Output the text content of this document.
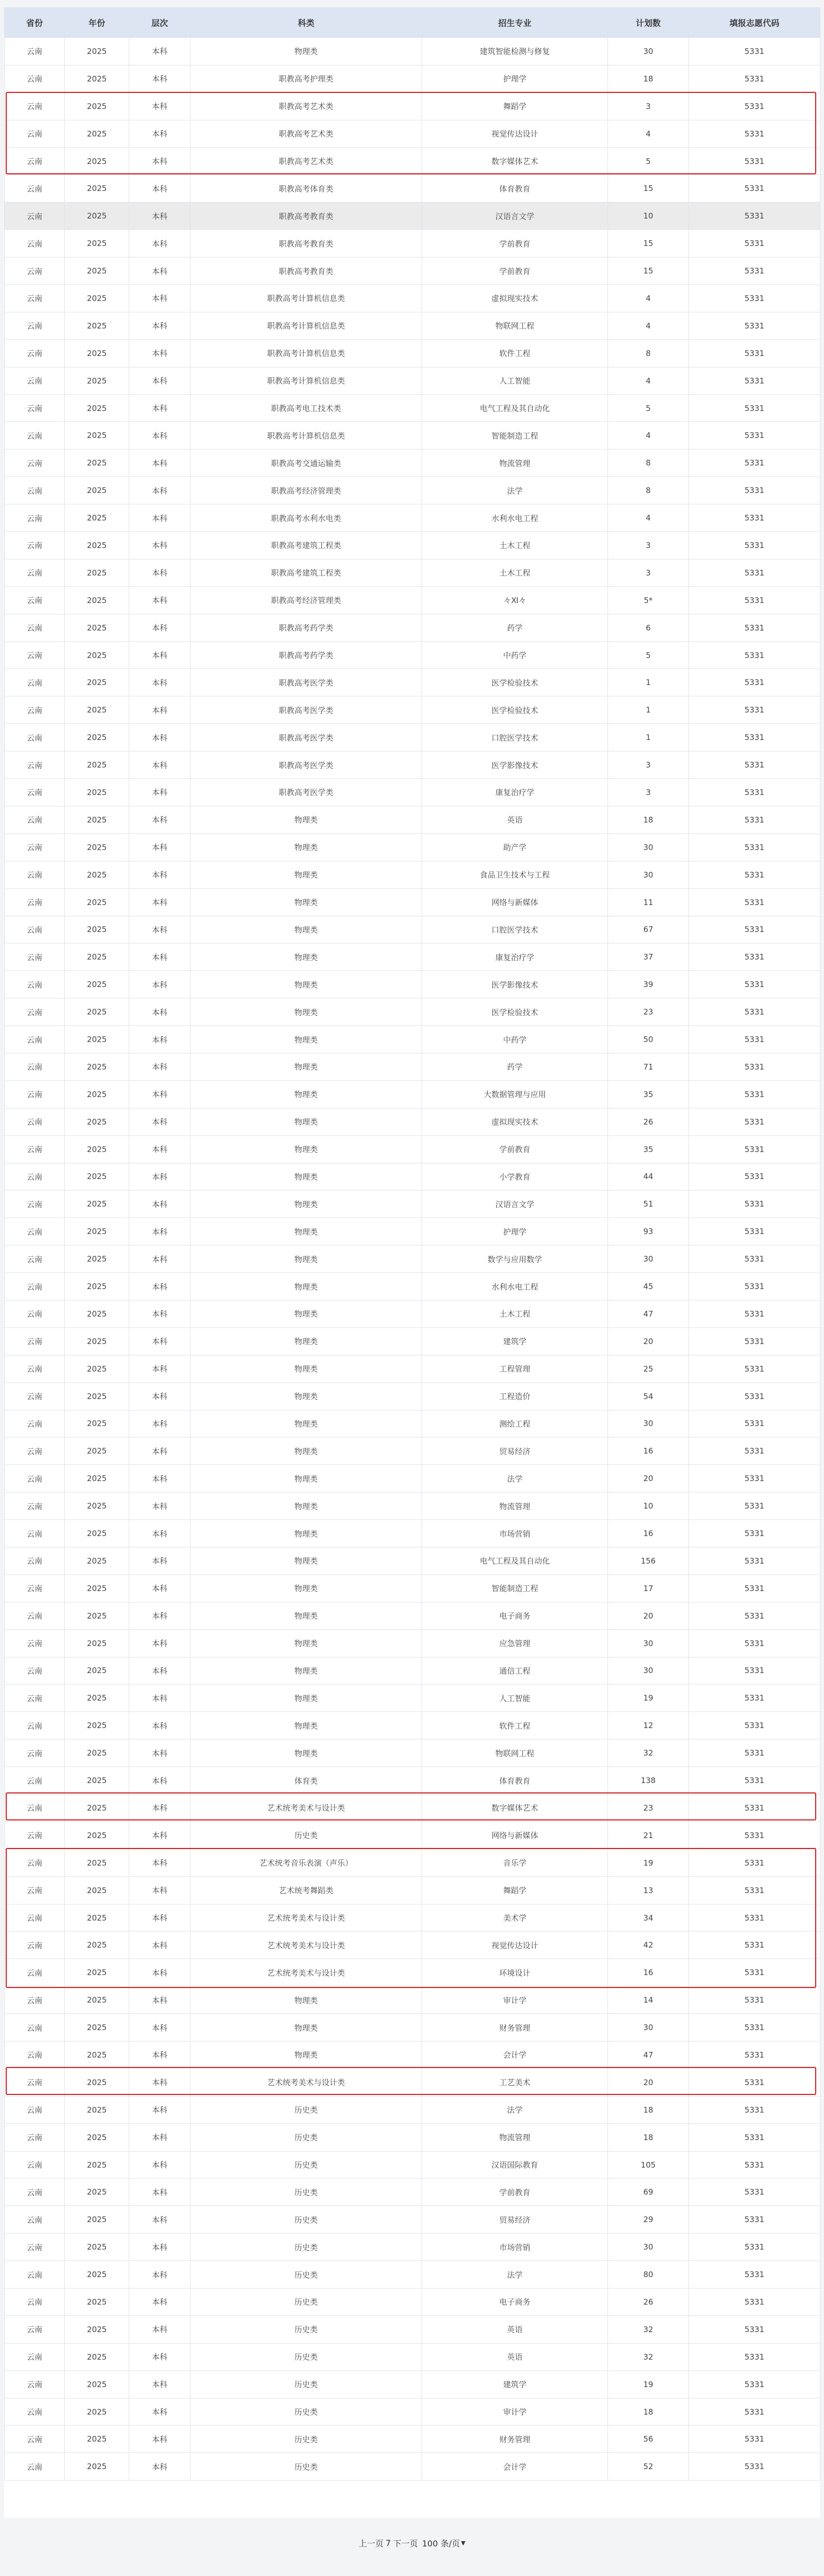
省份	年份	层次	科类	招生专业	计划数	填报志愿代码
云南	2025	本科	物理类	建筑智能检测与修复	30	5331
云南	2025	本科	职教高考护理类	护理学	18	5331
云南	2025	本科	职教高考艺术类	舞蹈学	3	5331
云南	2025	本科	职教高考艺术类	视觉传达设计	4	5331
云南	2025	本科	职教高考艺术类	数字媒体艺术	5	5331
云南	2025	本科	职教高考体育类	体育教育	15	5331
云南	2025	本科	职教高考教育类	汉语言文学	10	5331
云南	2025	本科	职教高考教育类	学前教育	15	5331
云南	2025	本科	职教高考教育类	学前教育	15	5331
云南	2025	本科	职教高考计算机信息类	虚拟现实技术	4	5331
云南	2025	本科	职教高考计算机信息类	物联网工程	4	5331
云南	2025	本科	职教高考计算机信息类	软件工程	8	5331
云南	2025	本科	职教高考计算机信息类	人工智能	4	5331
云南	2025	本科	职教高考电工技术类	电气工程及其自动化	5	5331
云南	2025	本科	职教高考计算机信息类	智能制造工程	4	5331
云南	2025	本科	职教高考交通运输类	物流管理	8	5331
云南	2025	本科	职教高考经济管理类	法学	8	5331
云南	2025	本科	职教高考水利水电类	水利水电工程	4	5331
云南	2025	本科	职教高考建筑工程类	土木工程	3	5331
云南	2025	本科	职教高考建筑工程类	土木工程	3	5331
云南	2025	本科	职教高考经济管理类	々Ⅺ々	5*	5331
云南	2025	本科	职教高考药学类	药学	6	5331
云南	2025	本科	职教高考药学类	中药学	5	5331
云南	2025	本科	职教高考医学类	医学检验技术	1	5331
云南	2025	本科	职教高考医学类	医学检验技术	1	5331
云南	2025	本科	职教高考医学类	口腔医学技术	1	5331
云南	2025	本科	职教高考医学类	医学影像技术	3	5331
云南	2025	本科	职教高考医学类	康复治疗学	3	5331
云南	2025	本科	物理类	英语	18	5331
云南	2025	本科	物理类	助产学	30	5331
云南	2025	本科	物理类	食品卫生技术与工程	30	5331
云南	2025	本科	物理类	网络与新媒体	11	5331
云南	2025	本科	物理类	口腔医学技术	67	5331
云南	2025	本科	物理类	康复治疗学	37	5331
云南	2025	本科	物理类	医学影像技术	39	5331
云南	2025	本科	物理类	医学检验技术	23	5331
云南	2025	本科	物理类	中药学	50	5331
云南	2025	本科	物理类	药学	71	5331
云南	2025	本科	物理类	大数据管理与应用	35	5331
云南	2025	本科	物理类	虚拟现实技术	26	5331
云南	2025	本科	物理类	学前教育	35	5331
云南	2025	本科	物理类	小学教育	44	5331
云南	2025	本科	物理类	汉语言文学	51	5331
云南	2025	本科	物理类	护理学	93	5331
云南	2025	本科	物理类	数学与应用数学	30	5331
云南	2025	本科	物理类	水利水电工程	45	5331
云南	2025	本科	物理类	土木工程	47	5331
云南	2025	本科	物理类	建筑学	20	5331
云南	2025	本科	物理类	工程管理	25	5331
云南	2025	本科	物理类	工程造价	54	5331
云南	2025	本科	物理类	测绘工程	30	5331
云南	2025	本科	物理类	贸易经济	16	5331
云南	2025	本科	物理类	法学	20	5331
云南	2025	本科	物理类	物流管理	10	5331
云南	2025	本科	物理类	市场营销	16	5331
云南	2025	本科	物理类	电气工程及其自动化	156	5331
云南	2025	本科	物理类	智能制造工程	17	5331
云南	2025	本科	物理类	电子商务	20	5331
云南	2025	本科	物理类	应急管理	30	5331
云南	2025	本科	物理类	通信工程	30	5331
云南	2025	本科	物理类	人工智能	19	5331
云南	2025	本科	物理类	软件工程	12	5331
云南	2025	本科	物理类	物联网工程	32	5331
云南	2025	本科	体育类	体育教育	138	5331
云南	2025	本科	艺术统考美术与设计类	数字媒体艺术	23	5331
云南	2025	本科	历史类	网络与新媒体	21	5331
云南	2025	本科	艺术统考音乐表演（声乐）	音乐学	19	5331
云南	2025	本科	艺术统考舞蹈类	舞蹈学	13	5331
云南	2025	本科	艺术统考美术与设计类	美术学	34	5331
云南	2025	本科	艺术统考美术与设计类	视觉传达设计	42	5331
云南	2025	本科	艺术统考美术与设计类	环境设计	16	5331
云南	2025	本科	物理类	审计学	14	5331
云南	2025	本科	物理类	财务管理	30	5331
云南	2025	本科	物理类	会计学	47	5331
云南	2025	本科	艺术统考美术与设计类	工艺美术	20	5331
云南	2025	本科	历史类	法学	18	5331
云南	2025	本科	历史类	物流管理	18	5331
云南	2025	本科	历史类	汉语国际教育	105	5331
云南	2025	本科	历史类	学前教育	69	5331
云南	2025	本科	历史类	贸易经济	29	5331
云南	2025	本科	历史类	市场营销	30	5331
云南	2025	本科	历史类	法学	80	5331
云南	2025	本科	历史类	电子商务	26	5331
云南	2025	本科	历史类	英语	32	5331
云南	2025	本科	历史类	英语	32	5331
云南	2025	本科	历史类	建筑学	19	5331
云南	2025	本科	历史类	审计学	18	5331
云南	2025	本科	历史类	财务管理	56	5331
云南	2025	本科	历史类	会计学	52	5331
上一页 7 下一页 100 条/页 ▼
